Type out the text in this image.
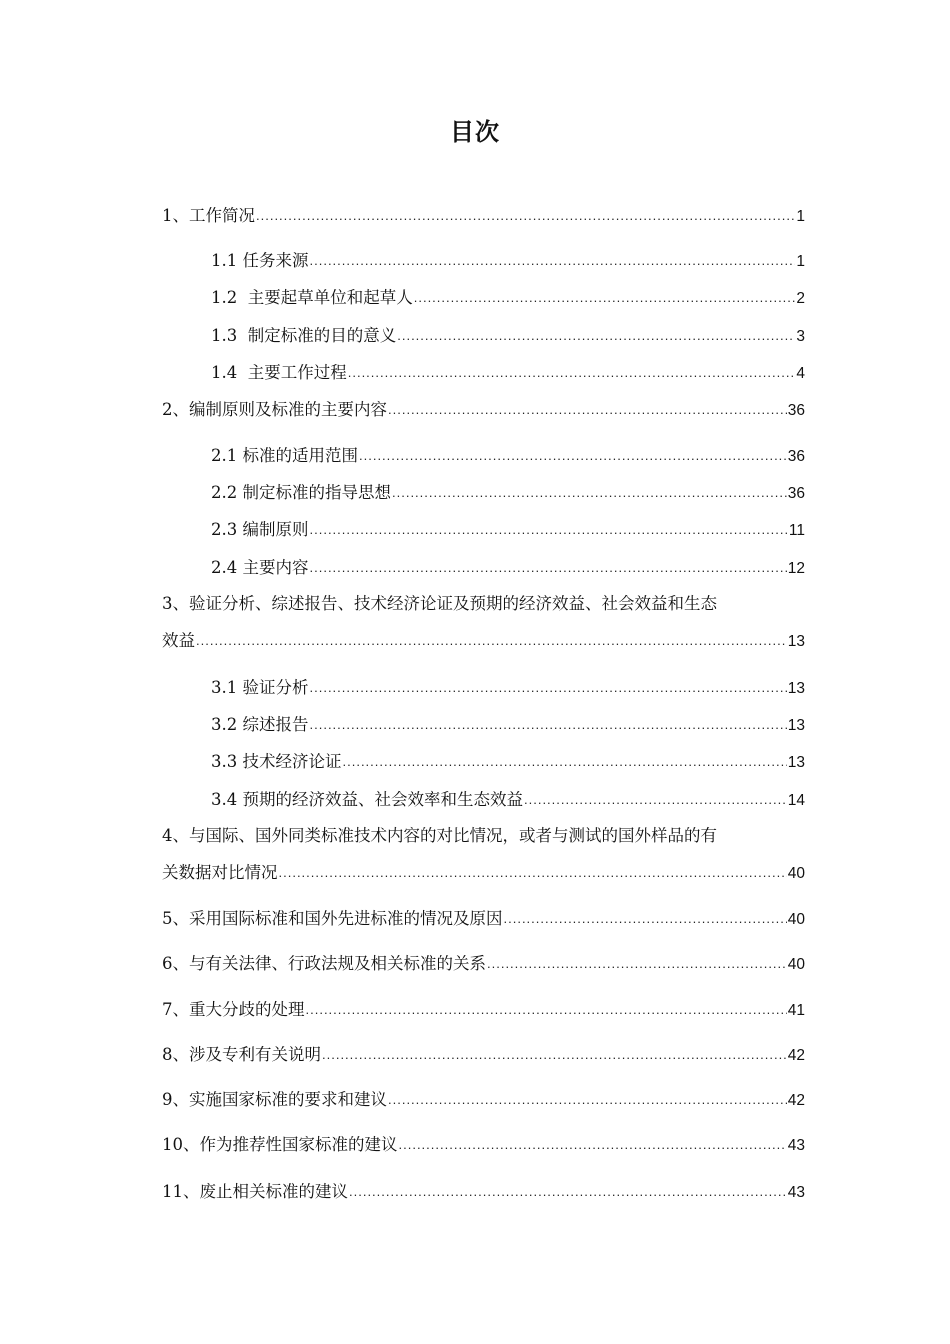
目次
1、工作简况 .....	1
1.1 任务来源 .....	1
1.2  主要起草单位和起草人 .....	2
1.3  制定标准的目的意义 .....	3
1.4  主要工作过程 .....	4
2、编制原则及标准的主要内容 .....	36
2.1 标准的适用范围 .....	36
2.2 制定标准的指导思想 .....	36
2.3 编制原则 .....	11
2.4 主要内容 .....	12
3、验证分析、综述报告、技术经济论证及预期的经济效益、社会效益和生态
效益 .....	13
3.1 验证分析 .....	13
3.2 综述报告 .....	13
3.3 技术经济论证 .....	13
3.4 预期的经济效益、社会效率和生态效益 .....	14
4、与国际、国外同类标准技术内容的对比情况，或者与测试的国外样品的有
关数据对比情况 .....	40
5、采用国际标准和国外先进标准的情况及原因 .....	40
6、与有关法律、行政法规及相关标准的关系 .....	40
7、重大分歧的处理 .....	41
8、涉及专利有关说明 .....	42
9、实施国家标准的要求和建议 .....	42
10、作为推荐性国家标准的建议 .....	43
11、废止相关标准的建议 .....	43
